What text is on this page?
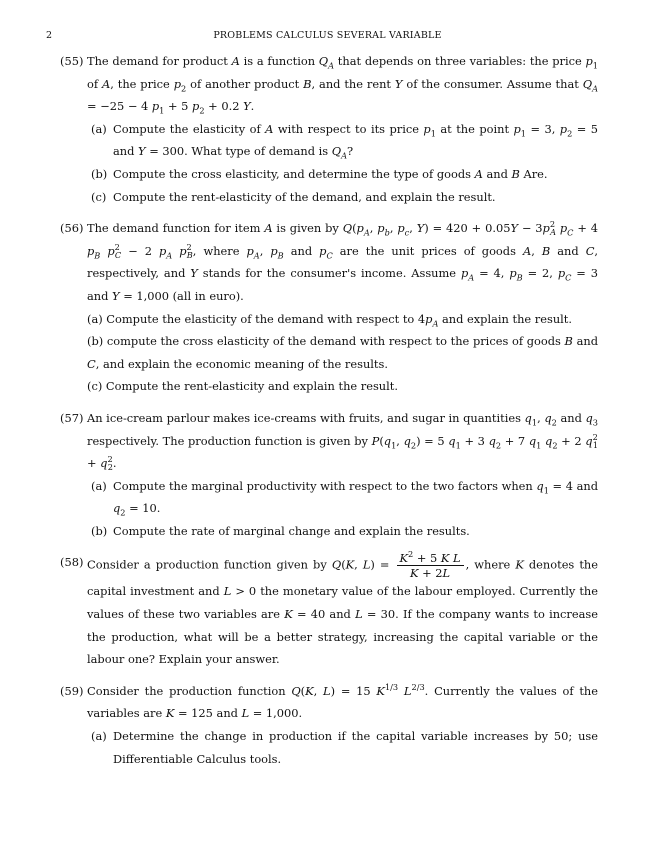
2	PROBLEMS CALCULUS SEVERAL VARIABLE
(55) The demand for product A is a function $Q_A$ that depends on three variables: the price $p_1$ of A, the price $p_2$ of another product B, and the rent Y of the consumer. Assume that $Q_A = -25 - 4$ $p_1 + 5$ $p_2 + 0.2$ Y.
(a) Compute the elasticity of A with respect to its price $p_1$ at the point $p_1 = 3$, $p_2 = 5$ and Y = 300. What type of demand is $Q_A$?
(b) Compute the cross elasticity, and determine the type of goods A and B Are.
(c) Compute the rent-elasticity of the demand, and explain the result.
(56) The demand function for item A is given by $Q(p_A$, $p_b$, $p_c$, $Y) = 420 + 0.05Y - 3p^2_A$ $p_C + 4$ $p_B$ $p^2_C - 2$ $p_A$ $p^2_B$, where $p_A$, $p_B$ and $p_C$ are the unit prices of goods A, B and C, respectively, and Y stands for the consumer's income. Assume $p_A = 4$, $p_B = 2$, $p_C = 3$ and Y = 1,000 (all in euro).
(a) Compute the elasticity of the demand with respect to $4p_A$ and explain the result.
(b) compute the cross elasticity of the demand with respect to the prices of goods B and C, and explain the economic meaning of the results.
(c) Compute the rent-elasticity and explain the result.
(57) An ice-cream parlour makes ice-creams with fruits, and sugar in quantities $q_1$, $q_2$ and $q_3$ respectively. The production function is given by $P(q_1$, $q_2) = 5$ $q_1 + 3$ $q_2 + 7$ $q_1$ $q_2 + 2$ $q^2_1 + q^2_2$.
(a) Compute the marginal productivity with respect to the two factors when $q_1 = 4$ and $q_2 = 10$.
(b) Compute the rate of marginal change and explain the results.
(58) Consider a production function given by Q(K, $L) = \frac{K^2 + 5 K L}{K + 2L}$ , where K denotes the capital investment and L > 0 the monetary value of the labour employed. Currently the values of these two variables are K = 40 and L = 30. If the company wants to increase the production, what will be a better strategy, increasing the capital variable or the labour one? Explain your answer.
(59) Consider the production function Q(K, L) = 15 $K^{1/3}$ $L^{2/3}$. Currently the values of the variables are K = 125 and L = 1,000.
(a) Determine the change in production if the capital variable increases by 50; use Differentiable Calculus tools.
